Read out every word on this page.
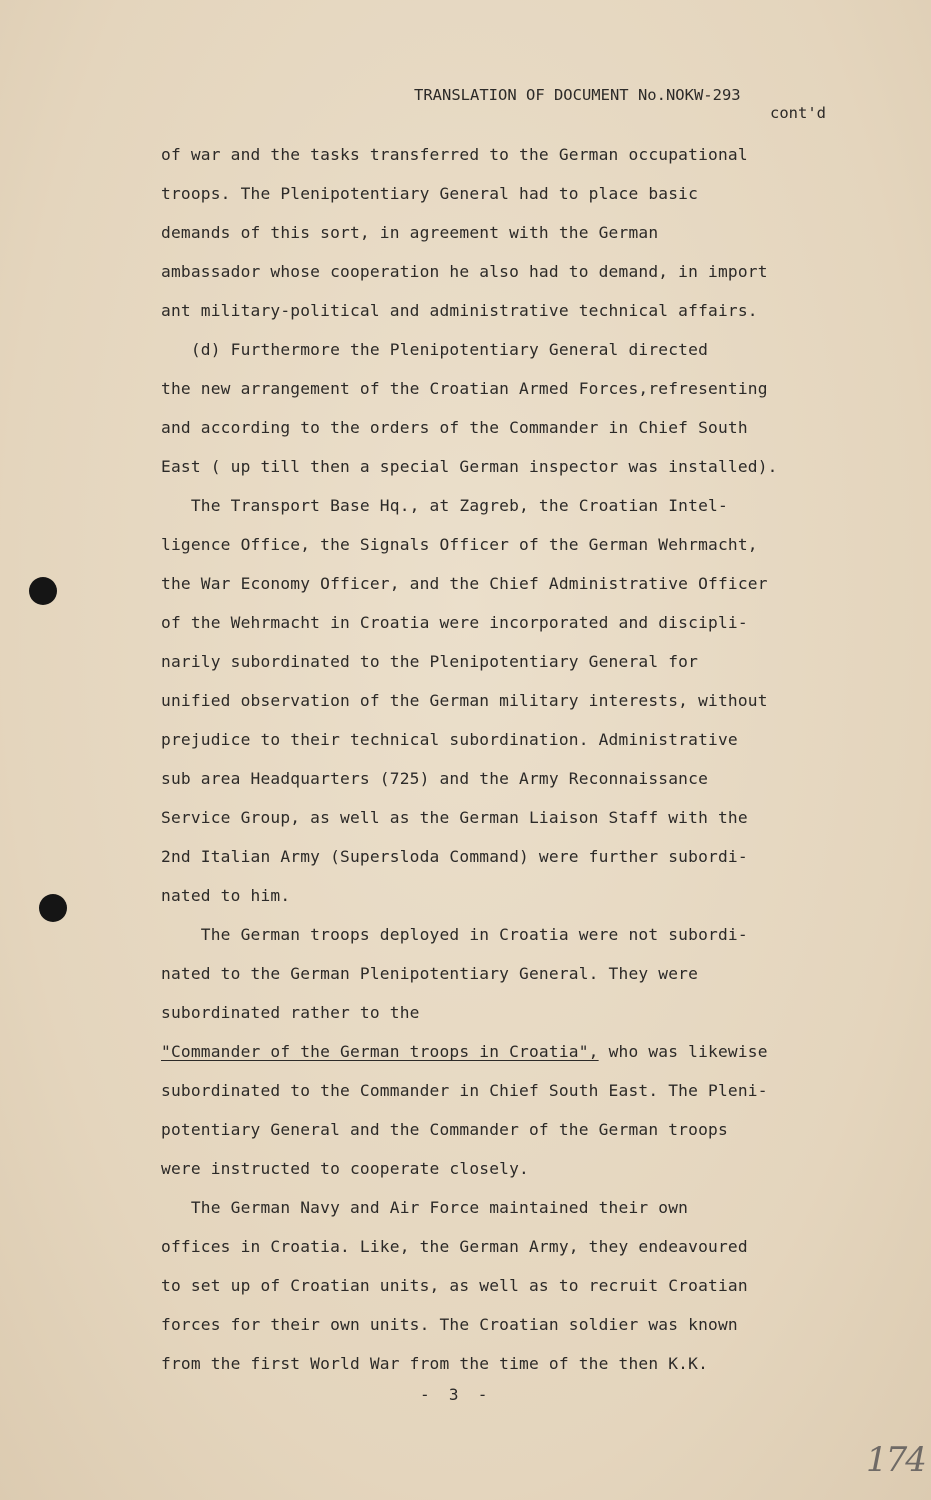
TRANSLATION OF DOCUMENT No.NOKW-293
cont'd
of war and the tasks transferred to the German occupational
troops. The Plenipotentiary General had to place basic
demands of this sort, in agreement with the German
ambassador whose cooperation he also had to demand, in import
ant military-political and administrative technical affairs.
(d) Furthermore the Plenipotentiary General directed
the new arrangement of the Croatian Armed Forces,refresenting
and according to the orders of the Commander in Chief South
East ( up till then a special German inspector was installed).
The Transport Base Hq., at Zagreb, the Croatian Intel-
ligence Office, the Signals Officer of the German Wehrmacht,
the War Economy Officer, and the Chief Administrative Officer
of the Wehrmacht in Croatia were incorporated and discipli-
narily subordinated to the Plenipotentiary General for
unified observation of the German military interests, without
prejudice to their technical subordination. Administrative
sub area Headquarters (725) and the Army Reconnaissance
Service Group, as well as the German Liaison Staff with the
2nd Italian Army (Supersloda Command) were further subordi-
nated to him.
The German troops deployed in Croatia were not subordi-
nated to the German Plenipotentiary General. They were
subordinated rather to the
"Commander of the German troops in Croatia", who was likewise
subordinated to the Commander in Chief South East. The Pleni-
potentiary General and the Commander of the German troops
were instructed to cooperate closely.
The German Navy and Air Force maintained their own
offices in Croatia. Like, the German Army, they endeavoured
to set up of Croatian units, as well as to recruit Croatian
forces for their own units. The Croatian soldier was known
from the first World War from the time of the then K.K.
-  3  -
174
